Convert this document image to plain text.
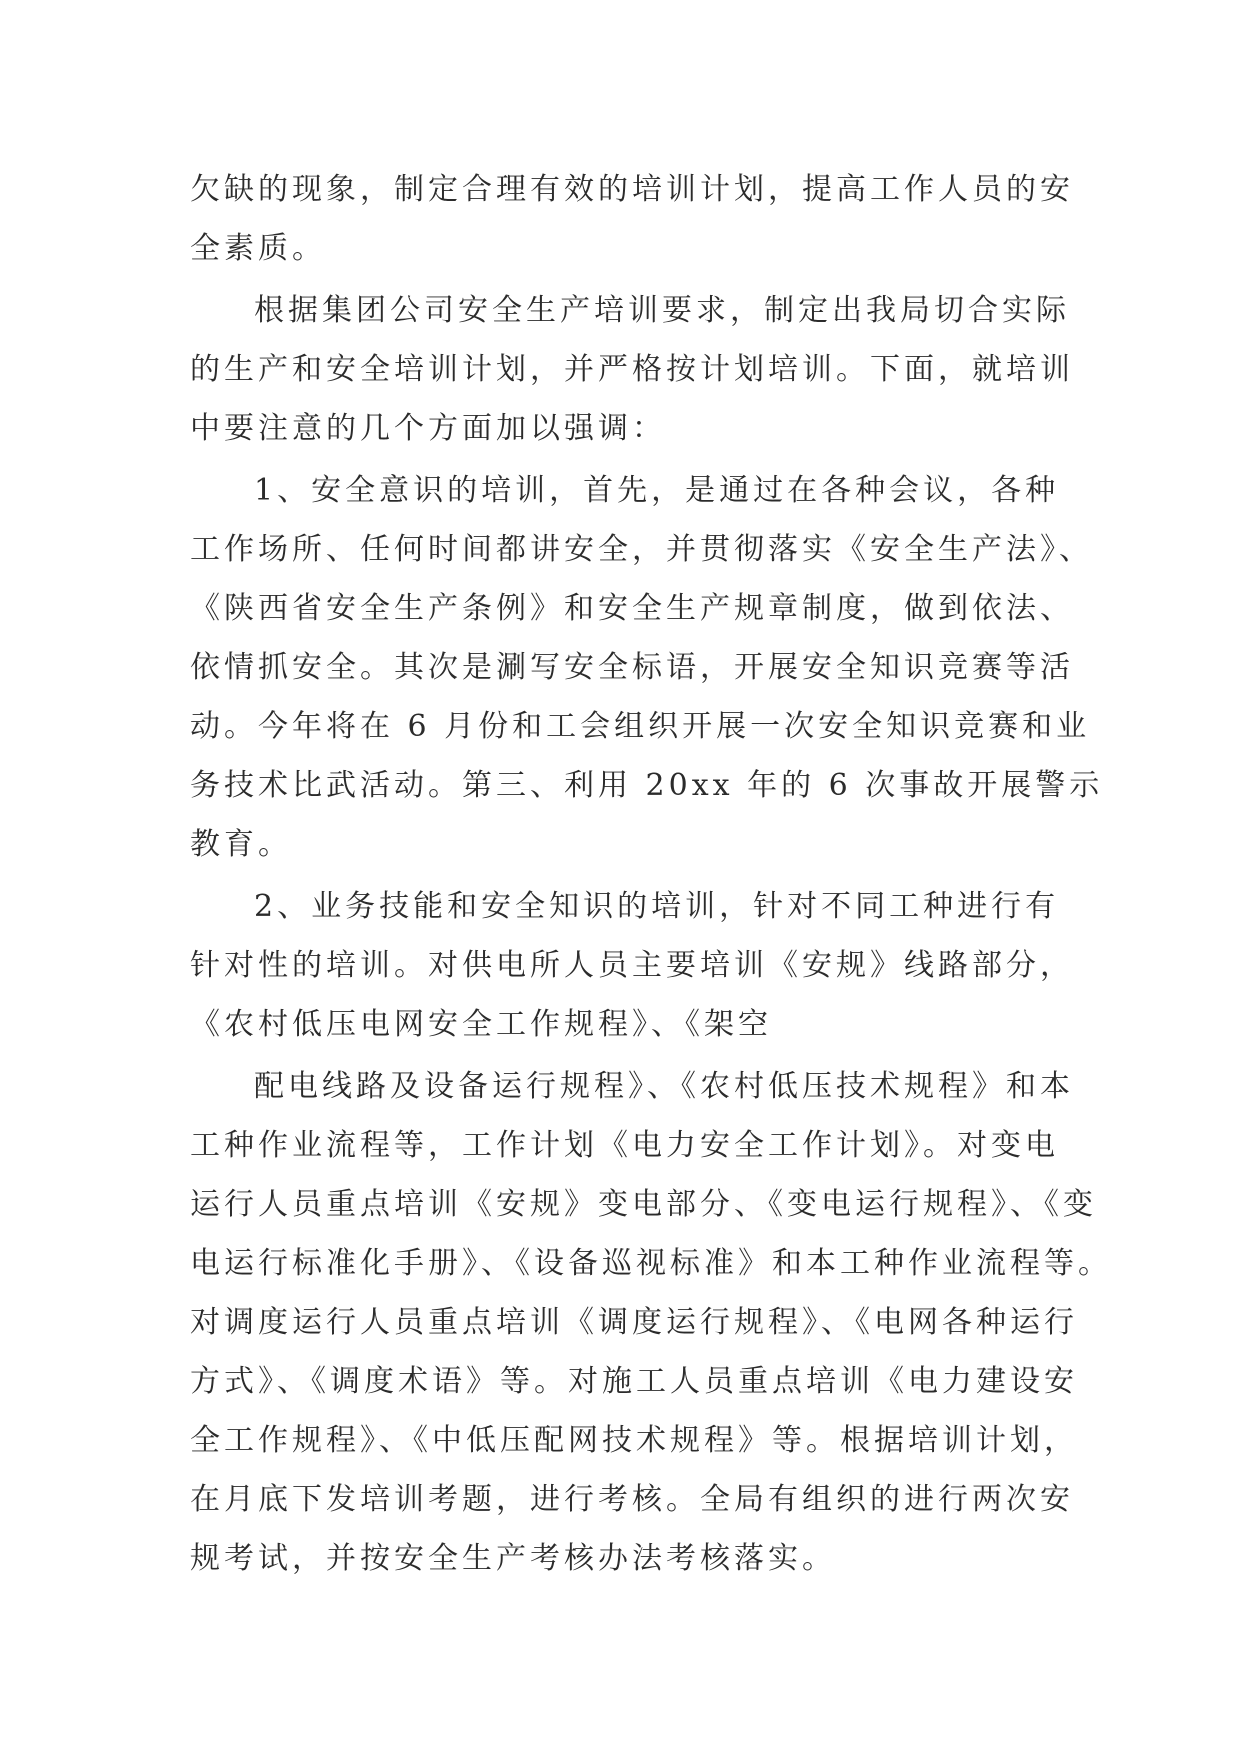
欠缺的现象，制定合理有效的培训计划，提高工作人员的安
全素质。
根据集团公司安全生产培训要求，制定出我局切合实际
的生产和安全培训计划，并严格按计划培训。下面，就培训
中要注意的几个方面加以强调：
1、安全意识的培训，首先，是通过在各种会议，各种
工作场所、任何时间都讲安全，并贯彻落实《安全生产法》、
《陕西省安全生产条例》和安全生产规章制度，做到依法、
依情抓安全。其次是涮写安全标语，开展安全知识竞赛等活
动。今年将在 6 月份和工会组织开展一次安全知识竞赛和业
务技术比武活动。第三、利用 20xx 年的 6 次事故开展警示
教育。
2、业务技能和安全知识的培训，针对不同工种进行有
针对性的培训。对供电所人员主要培训《安规》线路部分，
《农村低压电网安全工作规程》、《架空
配电线路及设备运行规程》、《农村低压技术规程》和本
工种作业流程等，工作计划《电力安全工作计划》。对变电
运行人员重点培训《安规》变电部分、《变电运行规程》、《变
电运行标准化手册》、《设备巡视标准》和本工种作业流程等。
对调度运行人员重点培训《调度运行规程》、《电网各种运行
方式》、《调度术语》等。对施工人员重点培训《电力建设安
全工作规程》、《中低压配网技术规程》等。根据培训计划，
在月底下发培训考题，进行考核。全局有组织的进行两次安
规考试，并按安全生产考核办法考核落实。
